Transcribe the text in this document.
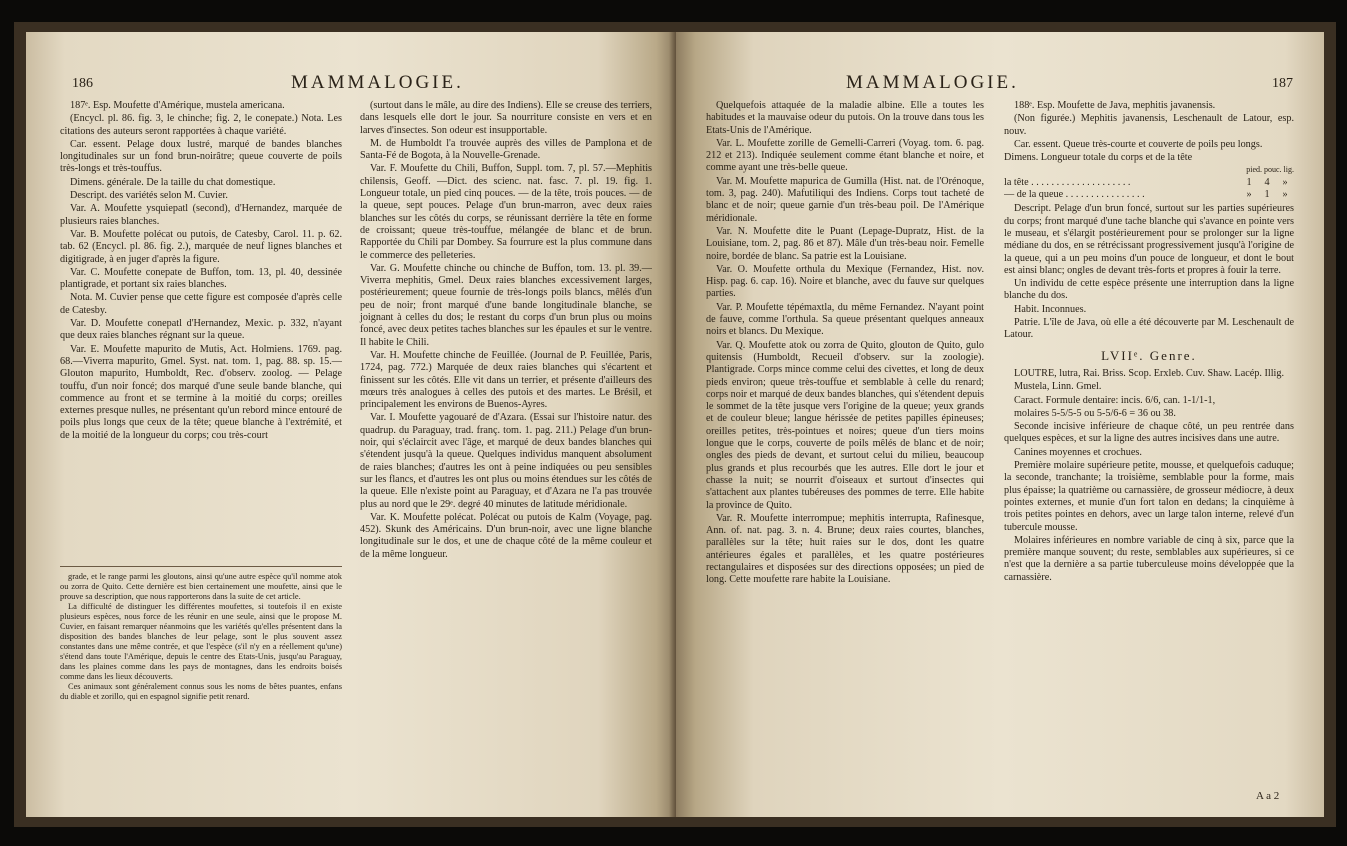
186	MAMMALOGIE.

187ᵉ. Esp. Moufette d'Amérique, mustela americana.

(Encycl. pl. 86. fig. 3, le chinche; fig. 2, le conepate.) Nota. Les citations des auteurs seront rapportées à chaque variété.

Car. essent. Pelage doux lustré, marqué de bandes blanches longitudinales sur un fond brun-noirâtre; queue couverte de poils très-longs et très-touffus.

Dimens. générale. De la taille du chat domestique.

Descript. des variétés selon M. Cuvier.

Var. A. Moufette ysquiepatl (second), d'Hernandez, marquée de plusieurs raies blanches.

Var. B. Moufette polécat ou putois, de Catesby, Carol. 11. p. 62. tab. 62 (Encycl. pl. 86. fig. 2.), marquée de neuf lignes blanches et digitigrade, à en juger d'après la figure.

Var. C. Moufette conepate de Buffon, tom. 13, pl. 40, dessinée plantigrade, et portant six raies blanches.

Nota. M. Cuvier pense que cette figure est composée d'après celle de Catesby.

Var. D. Moufette conepatl d'Hernandez, Mexic. p. 332, n'ayant que deux raies blanches régnant sur la queue.

Var. E. Moufette mapurito de Mutis, Act. Holmiens. 1769. pag. 68.—Viverra mapurito, Gmel. Syst. nat. tom. 1, pag. 88. sp. 15.—Glouton mapurito, Humboldt, Rec. d'observ. zoolog. — Pelage touffu, d'un noir foncé; dos marqué d'une seule bande blanche, qui commence au front et se termine à la moitié du corps; oreilles externes presque nulles, ne présentant qu'un rebord mince entouré de poils plus longs que ceux de la tête; queue blanche à l'extrémité, et de la moitié de la longueur du corps; cou très-court

(surtout dans le mâle, au dire des Indiens). Elle se creuse des terriers, dans lesquels elle dort le jour. Sa nourriture consiste en vers et en larves d'insectes. Son odeur est insupportable.

M. de Humboldt l'a trouvée auprès des villes de Pamplona et de Santa-Fé de Bogota, à la Nouvelle-Grenade.

Var. F. Moufette du Chili, Buffon, Suppl. tom. 7, pl. 57.—Mephitis chilensis, Geoff. —Dict. des scienc. nat. fasc. 7. pl. 19. fig. 1. Longueur totale, un pied cinq pouces. — de la tête, trois pouces. — de la queue, sept pouces. Pelage d'un brun-marron, avec deux raies blanches sur les côtés du corps, se réunissant derrière la tête en forme de croissant; queue très-touffue, mélangée de blanc et de brun. Rapportée du Chili par Dombey. Sa fourrure est la plus commune dans le commerce des pelleteries.

Var. G. Moufette chinche ou chinche de Buffon, tom. 13. pl. 39.—Viverra mephitis, Gmel. Deux raies blanches excessivement larges, postérieurement; queue fournie de très-longs poils blancs, mêlés d'un peu de noir; front marqué d'une bande longitudinale blanche, se joignant à celles du dos; le restant du corps d'un brun plus ou moins foncé, avec deux petites taches blanches sur les épaules et sur le ventre. Il habite le Chili.

Var. H. Moufette chinche de Feuillée. (Journal de P. Feuillée, Paris, 1724, pag. 772.) Marquée de deux raies blanches qui s'écartent et finissent sur les côtés. Elle vit dans un terrier, et présente d'ailleurs des mœurs très analogues à celles des putois et des martes. Le Brésil, et principalement les environs de Buenos-Ayres.

Var. I. Moufette yagouaré de d'Azara. (Essai sur l'histoire natur. des quadrup. du Paraguay, trad. franç. tom. 1. pag. 211.) Pelage d'un brun-noir, qui s'éclaircit avec l'âge, et marqué de deux bandes blanches qui s'étendent jusqu'à la queue. Quelques individus manquent absolument de raies blanches; d'autres les ont à peine indiquées ou peu sensibles sur les flancs, et d'autres les ont plus ou moins étendues sur les côtés de la queue. Elle n'existe point au Paraguay, et d'Azara ne l'a pas trouvée plus au nord que le 29ᵉ. degré 40 minutes de latitude méridionale.

Var. K. Moufette polécat. Polécat ou putois de Kalm (Voyage, pag. 452). Skunk des Américains. D'un brun-noir, avec une ligne blanche longitudinale sur le dos, et une de chaque côté de la même couleur et de la même longueur.

grade, et le range parmi les gloutons, ainsi qu'une autre espèce qu'il nomme atok ou zorra de Quito. Cette dernière est bien certainement une moufette, ainsi que le prouve sa description, que nous rapporterons dans la suite de cet article.

La difficulté de distinguer les différentes moufettes, si toutefois il en existe plusieurs espèces, nous force de les réunir en une seule, ainsi que le propose M. Cuvier, en faisant remarquer néanmoins que les variétés qu'elles présentent dans la disposition des bandes blanches de leur pelage, sont le plus souvent assez constantes dans une même contrée, et que l'espèce (s'il n'y en a réellement qu'une) s'étend dans toute l'Amérique, depuis le centre des Etats-Unis, jusqu'au Paraguay, dans les plaines comme dans les pays de montagnes, dans les endroits boisés comme dans les lieux découverts.

Ces animaux sont généralement connus sous les noms de bêtes puantes, enfans du diable et zorillo, qui en espagnol signifie petit renard.

MAMMALOGIE.	187

Quelquefois attaquée de la maladie albine. Elle a toutes les habitudes et la mauvaise odeur du putois. On la trouve dans tous les Etats-Unis de l'Amérique.

Var. L. Moufette zorille de Gemelli-Carreri (Voyag. tom. 6. pag. 212 et 213). Indiquée seulement comme étant blanche et noire, et comme ayant une très-belle queue.

Var. M. Moufette mapurica de Gumilla (Hist. nat. de l'Orénoque, tom. 3, pag. 240). Mafutiliqui des Indiens. Corps tout tacheté de blanc et de noir; queue garnie d'un très-beau poil. De l'Amérique méridionale.

Var. N. Moufette dite le Puant (Lepage-Dupratz, Hist. de la Louisiane, tom. 2, pag. 86 et 87). Mâle d'un très-beau noir. Femelle noire, bordée de blanc. Sa patrie est la Louisiane.

Var. O. Moufette orthula du Mexique (Fernandez, Hist. nov. Hisp. pag. 6. cap. 16). Noire et blanche, avec du fauve sur quelques parties.

Var. P. Moufette tépémaxtla, du même Fernandez. N'ayant point de fauve, comme l'orthula. Sa queue présentant quelques anneaux noirs et blancs. Du Mexique.

Var. Q. Moufette atok ou zorra de Quito, glouton de Quito, gulo quitensis (Humboldt, Recueil d'observ. sur la zoologie). Plantigrade. Corps mince comme celui des civettes, et long de deux pieds environ; queue très-touffue et semblable à celle du renard; corps noir et marqué de deux bandes blanches, qui s'étendent depuis le sommet de la tête jusque vers l'origine de la queue; yeux grands et de couleur bleue; langue hérissée de petites papilles épineuses; oreilles petites, très-pointues et noires; queue d'un tiers moins longue que le corps, couverte de poils mêlés de blanc et de noir; ongles des pieds de devant, et surtout celui du milieu, beaucoup plus grands et plus recourbés que les autres. Elle dort le jour et chasse la nuit; se nourrit d'oiseaux et surtout d'insectes qui s'attachent aux plantes tubéreuses des pommes de terre. Elle habite la province de Quito.

Var. R. Moufette interrompue; mephitis interrupta, Rafinesque, Ann. of. nat. pag. 3. n. 4. Brune; deux raies courtes, blanches, parallèles sur la tête; huit raies sur le dos, dont les quatre antérieures égales et parallèles, et les quatre postérieures rectangulaires et disposées sur des directions opposées; un pied de long. Cette moufette rare habite la Louisiane.

188ᵉ. Esp. Moufette de Java, mephitis javanensis.

(Non figurée.) Mephitis javanensis, Leschenault de Latour, esp. nouv.

Car. essent. Queue très-courte et couverte de poils peu longs.

Dimens. Longueur totale du corps et de la tête
pied. pouc. lig.
la tête . . . . . . . . . . . . . . . . . . . .	1 4 »
— de la queue . . . . . . . . . . . . . . . .	» 1 »

Descript. Pelage d'un brun foncé, surtout sur les parties supérieures du corps; front marqué d'une tache blanche qui s'avance en pointe vers le museau, et s'élargit postérieurement pour se prolonger sur la ligne médiane du dos, en se rétrécissant progressivement jusqu'à l'origine de la queue, qui a un peu moins d'un pouce de longueur, et dont le bout est ainsi blanc; ongles de devant très-forts et propres à fouir la terre.

Un individu de cette espèce présente une interruption dans la ligne blanche du dos.

Habit. Inconnues.

Patrie. L'île de Java, où elle a été découverte par M. Leschenault de Latour.

LVIIᵉ. Genre.

LOUTRE, lutra, Rai. Briss. Scop. Erxleb. Cuv. Shaw. Lacép. Illig.

Mustela, Linn. Gmel.

Caract. Formule dentaire: incis. 6/6, can. 1-1/1-1,

molaires 5-5/5-5 ou 5-5/6-6 = 36 ou 38.

Seconde incisive inférieure de chaque côté, un peu rentrée dans quelques espèces, et sur la ligne des autres incisives dans une autre.

Canines moyennes et crochues.

Première molaire supérieure petite, mousse, et quelquefois caduque; la seconde, tranchante; la troisième, semblable pour la forme, mais plus épaisse; la quatrième ou carnassière, de grosseur médiocre, à deux pointes externes, et munie d'un fort talon en dedans; la cinquième à trois petites pointes en dehors, avec un large talon interne, relevé d'un tubercule mousse.

Molaires inférieures en nombre variable de cinq à six, parce que la première manque souvent; du reste, semblables aux supérieures, si ce n'est que la dernière a sa partie tuberculeuse moins développée que la carnassière.

A a 2
